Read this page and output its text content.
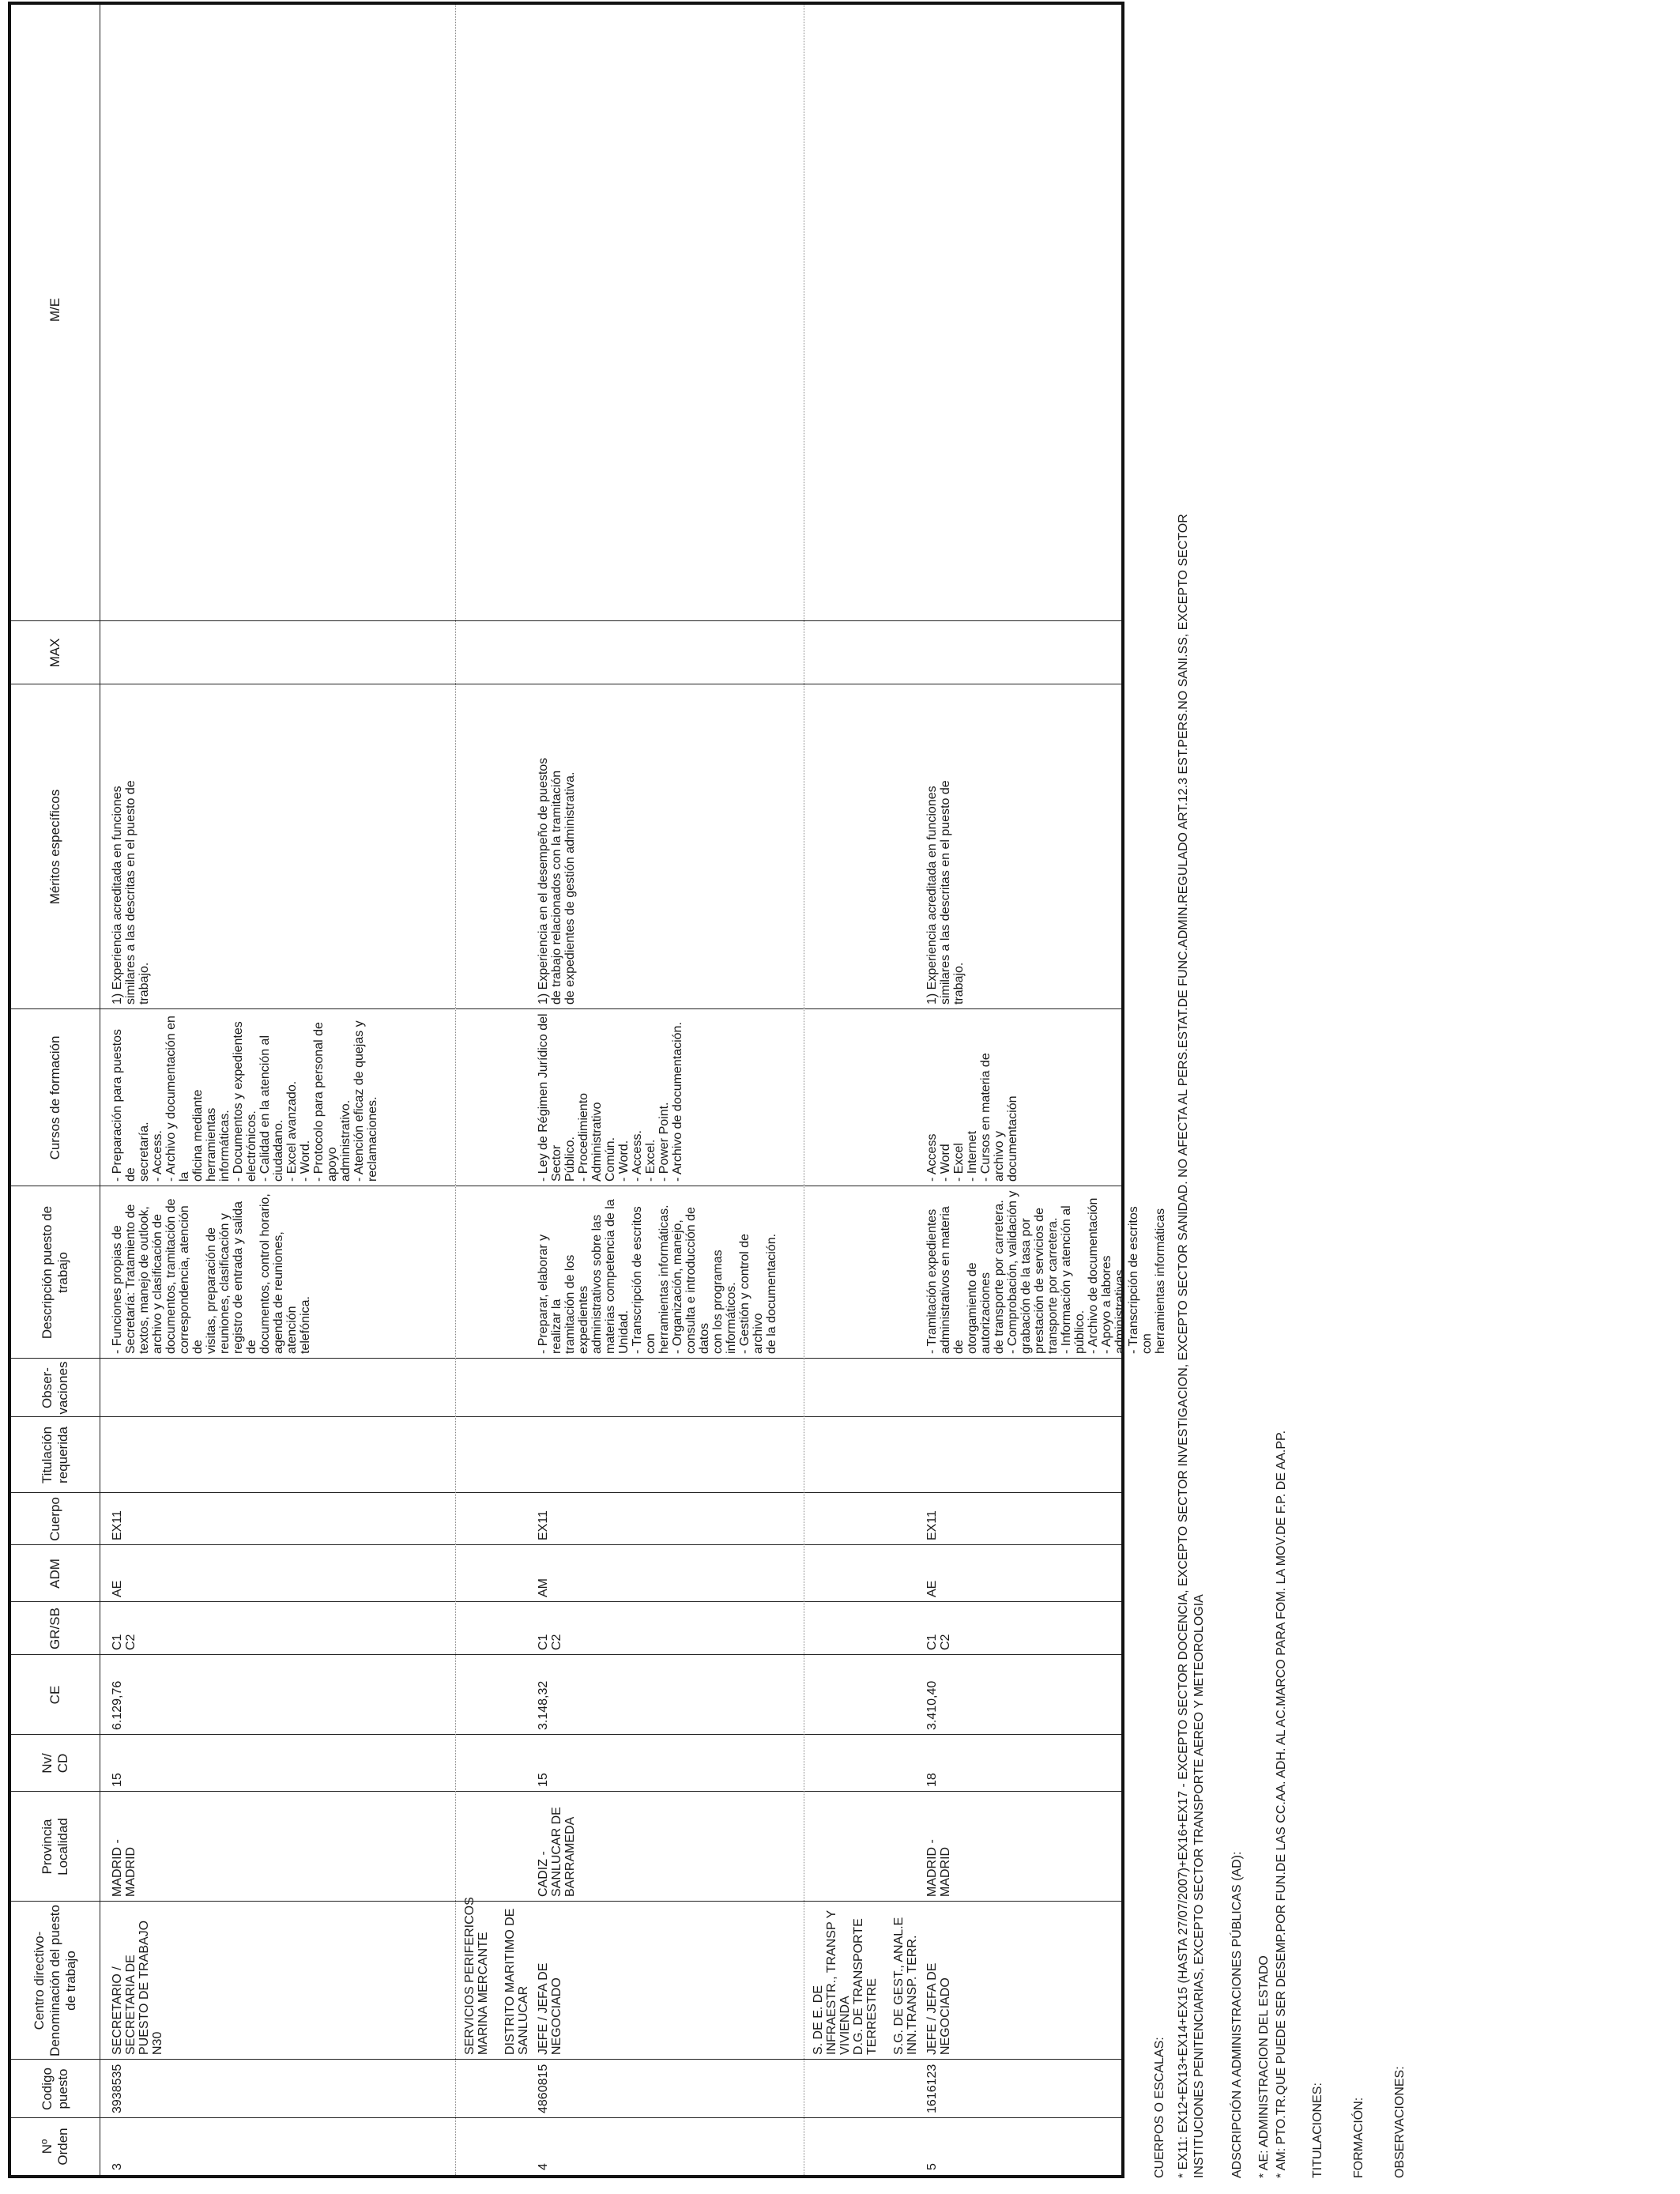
Nº
Orden
Codigo
puesto
Centro directivo-
Denominación del puesto
de trabajo
Provincia
Localidad
Nv/
CD
CE
GR/SB
ADM
Cuerpo
Titulación
requerida
Obser-
vaciones
Descripción puesto de
trabajo
Cursos de formación
Méritos específicos
MAX
M/E
3
3938535
SECRETARIO / SECRETARIA DE
PUESTO DE TRABAJO N30
MADRID -
MADRID
15
6.129,76
C1
C2
AE
EX11
- Funciones propias de
Secretaría: Tratamiento de
textos, manejo de outlook,
archivo y clasificación de
documentos, tramitación de
correspondencia, atención de
visitas, preparación de
reuniones, clasificación y
registro de entrada y salida de
documentos, control horario,
agenda de reuniones, atención
telefónica.
- Preparación para puestos de
secretaría.
- Access.
- Archivo y documentación en la
oficina mediante herramientas
informáticas.
- Documentos y expedientes
electrónicos.
- Calidad en la atención al ciudadano.
- Excel avanzado.
- Word.
- Protocolo para personal de apoyo
administrativo.
- Atención eficaz de quejas y
reclamaciones.
1) Experiencia acreditada en funciones
similares a las descritas en el puesto de
trabajo.
SERVICIOS PERIFERICOS
MARINA MERCANTE

DISTRITO MARITIMO DE
SANLUCAR
4
4860815
JEFE / JEFA DE NEGOCIADO
CADIZ -
SANLUCAR DE
BARRAMEDA
15
3.148,32
C1
C2
AM
EX11
- Preparar, elaborar y realizar la
tramitación de los expedientes
administrativos sobre las
materias competencia de la
Unidad.
- Transcripción de escritos con
herramientas informáticas.
- Organización, manejo,
consulta e introducción de datos
con los programas informáticos.
- Gestión y control de archivo
de la documentación.
- Ley de Régimen Jurídico del Sector
Público.
- Procedimiento Administrativo
Común.
- Word.
- Access.
- Excel.
- Power Point.
- Archivo de documentación.
1) Experiencia en el desempeño de puestos
de trabajo relacionados con la tramitación
de expedientes de gestión administrativa.
S. DE E. DE
INFRAESTR., TRANSP Y
VIVIENDA
D.G. DE TRANSPORTE
TERRESTRE

S.G. DE GEST., ANAL.E
INN.TRANSP. TERR.
5
1616123
JEFE / JEFA DE NEGOCIADO
MADRID -
MADRID
18
3.410,40
C1
C2
AE
EX11
- Tramitación expedientes
administrativos en materia de
otorgamiento de autorizaciones
de transporte por carretera.
- Comprobación, validación y
grabación de la tasa por
prestación de servicios de
transporte por carretera.
- Información y atención al
público.
- Archivo de documentación
- Apoyo a labores
administrativas
- Transcripción de escritos con
herramientas informáticas
- Access
- Word
- Excel
- Internet
- Cursos en materia de archivo y
documentación
1) Experiencia acreditada en funciones
similares a las descritas en el puesto de
trabajo.
CUERPOS O ESCALAS: * EX11: EX12+EX13+EX14+EX15 (HASTA 27/07/2007)+EX16+EX17 - EXCEPTO SECTOR DOCENCIA, EXCEPTO SECTOR INVESTIGACION, EXCEPTO SECTOR SANIDAD. NO AFECTA AL PERS.ESTAT.DE FUNC.ADMIN.REGULADO ART.12.3 EST.PERS.NO SANI.SS, EXCEPTO SECTOR
INSTITUCIONES PENITENCIARIAS, EXCEPTO SECTOR TRANSPORTE AEREO Y METEOROLOGIA
ADSCRIPCIÓN A ADMINISTRACIONES PÚBLICAS (AD): * AE: ADMINISTRACION DEL ESTADO * AM: PTO.TR.QUE PUEDE SER DESEMP.POR FUN.DE LAS CC.AA. ADH. AL AC.MARCO PARA FOM. LA MOV.DE F.P. DE AA.PP. TITULACIONES: FORMACIÓN: OBSERVACIONES:
